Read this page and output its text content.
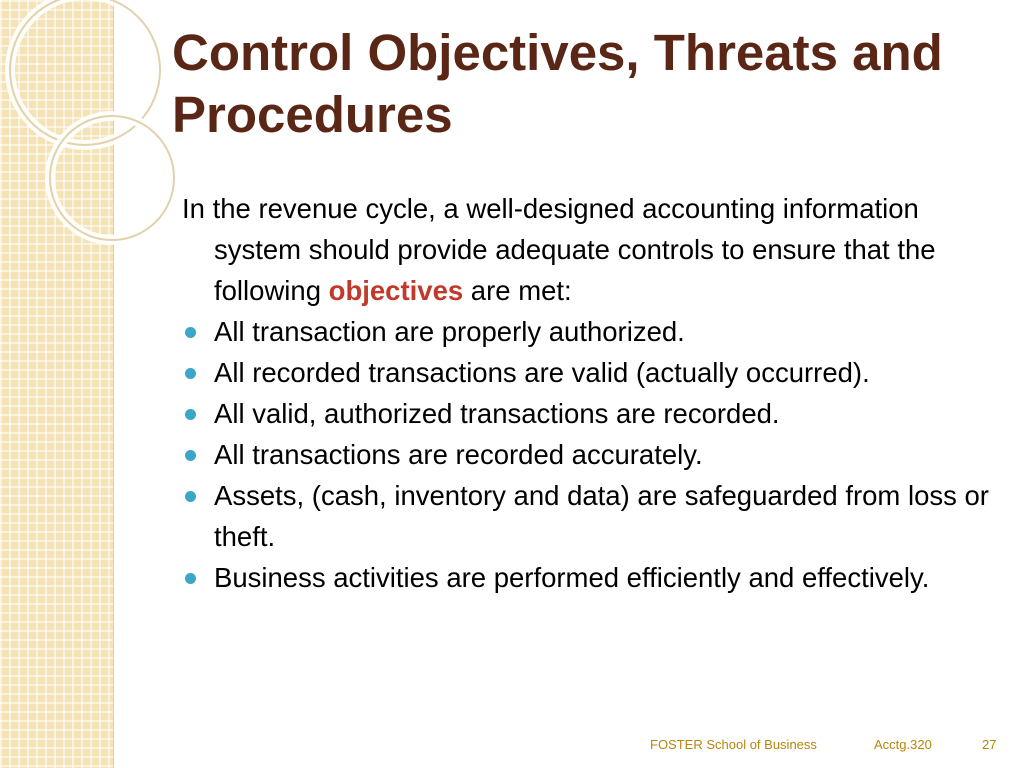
Control Objectives, Threats and Procedures

In the revenue cycle, a well-designed accounting information system should provide adequate controls to ensure that the following objectives are met:

All transaction are properly authorized.
All recorded transactions are valid (actually occurred).
All valid, authorized transactions are recorded.
All transactions are recorded accurately.
Assets, (cash, inventory and data) are safeguarded from loss or theft.
Business activities are performed efficiently and effectively.
FOSTER School of Business	Acctg.320	27
